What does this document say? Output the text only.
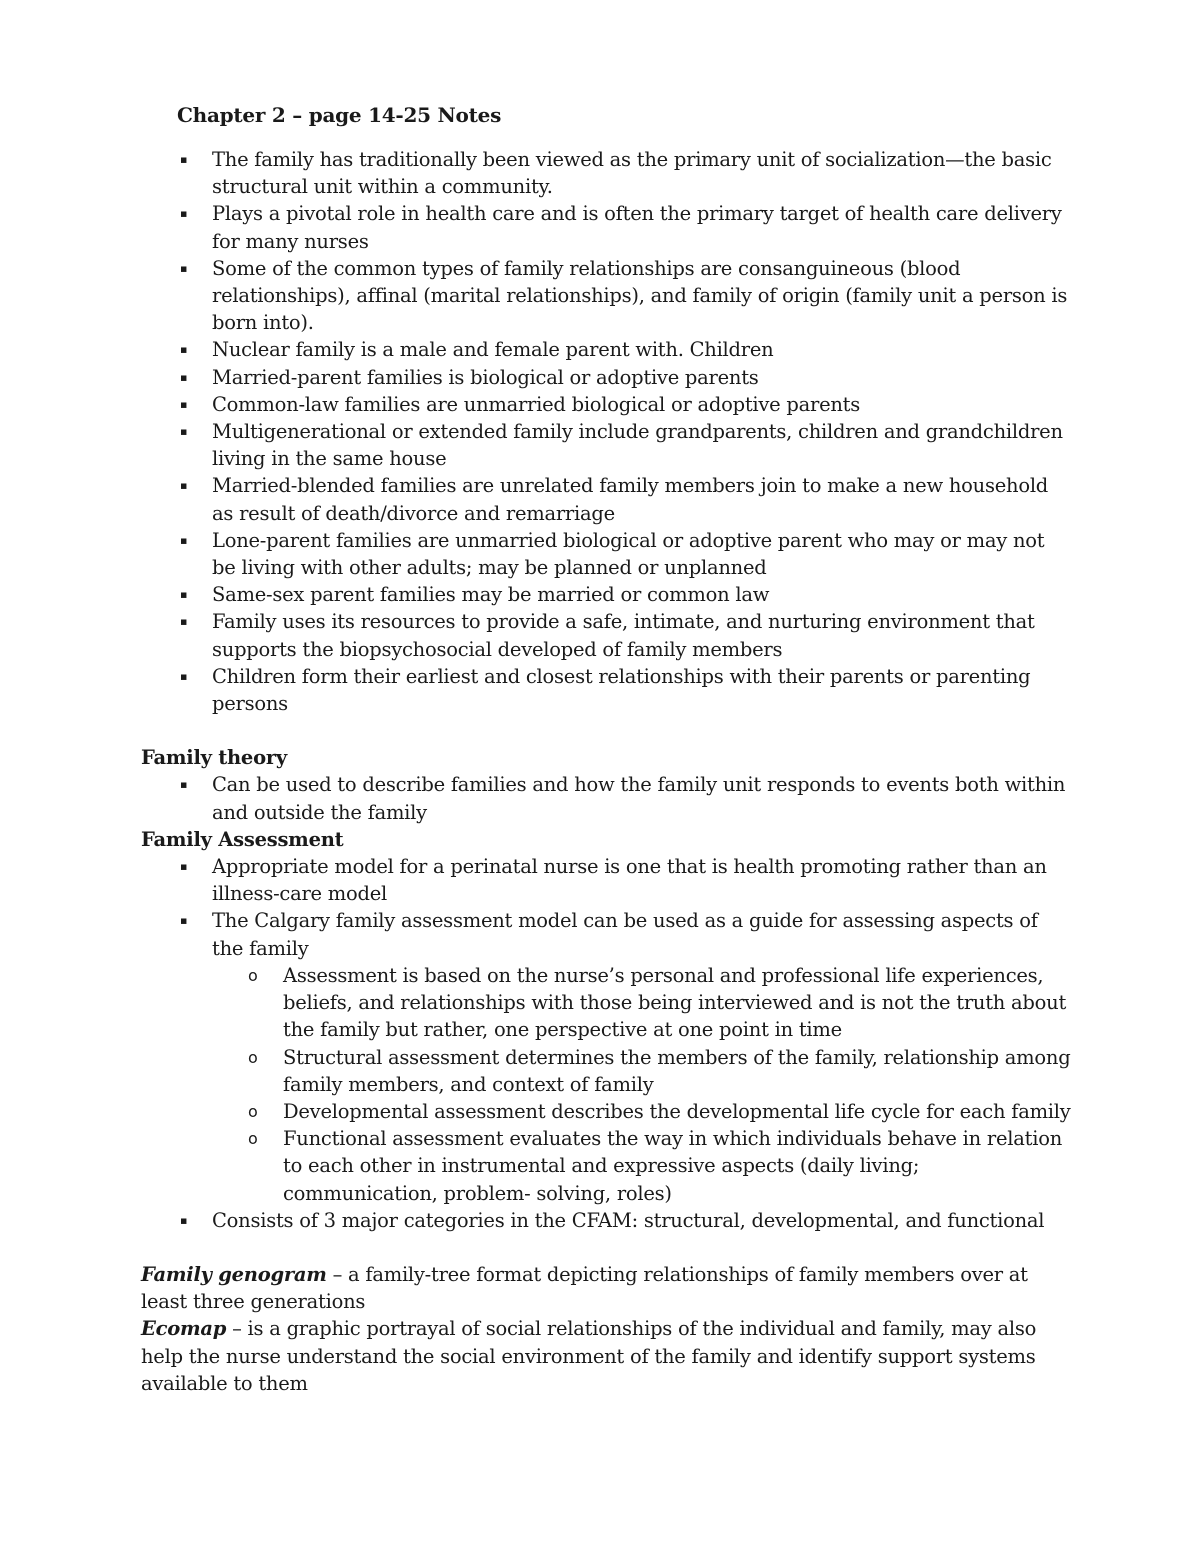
Chapter 2 – page 14-25 Notes
▪ The family has traditionally been viewed as the primary unit of socialization—the basic structural unit within a community.
▪ Plays a pivotal role in health care and is often the primary target of health care delivery for many nurses
▪ Some of the common types of family relationships are consanguineous (blood relationships), affinal (marital relationships), and family of origin (family unit a person is born into).
▪ Nuclear family is a male and female parent with. Children
▪ Married-parent families is biological or adoptive parents
▪ Common-law families are unmarried biological or adoptive parents
▪ Multigenerational or extended family include grandparents, children and grandchildren living in the same house
▪ Married-blended families are unrelated family members join to make a new household as result of death/divorce and remarriage
▪ Lone-parent families are unmarried biological or adoptive parent who may or may not be living with other adults; may be planned or unplanned
▪ Same-sex parent families may be married or common law
▪ Family uses its resources to provide a safe, intimate, and nurturing environment that supports the biopsychosocial developed of family members
▪ Children form their earliest and closest relationships with their parents or parenting persons

Family theory

▪ Can be used to describe families and how the family unit responds to events both within and outside the family

Family Assessment

▪ Appropriate model for a perinatal nurse is one that is health promoting rather than an illness-care model
▪ The Calgary family assessment model can be used as a guide for assessing aspects of the family
o Assessment is based on the nurse’s personal and professional life experiences, beliefs, and relationships with those being interviewed and is not the truth about the family but rather, one perspective at one point in time
o Structural assessment determines the members of the family, relationship among family members, and context of family
o Developmental assessment describes the developmental life cycle for each family
o Functional assessment evaluates the way in which individuals behave in relation to each other in instrumental and expressive aspects (daily living; communication, problem- solving, roles)
▪ Consists of 3 major categories in the CFAM: structural, developmental, and functional

Family genogram – a family-tree format depicting relationships of family members over at least three generations

Ecomap – is a graphic portrayal of social relationships of the individual and family, may also help the nurse understand the social environment of the family and identify support systems available to them
